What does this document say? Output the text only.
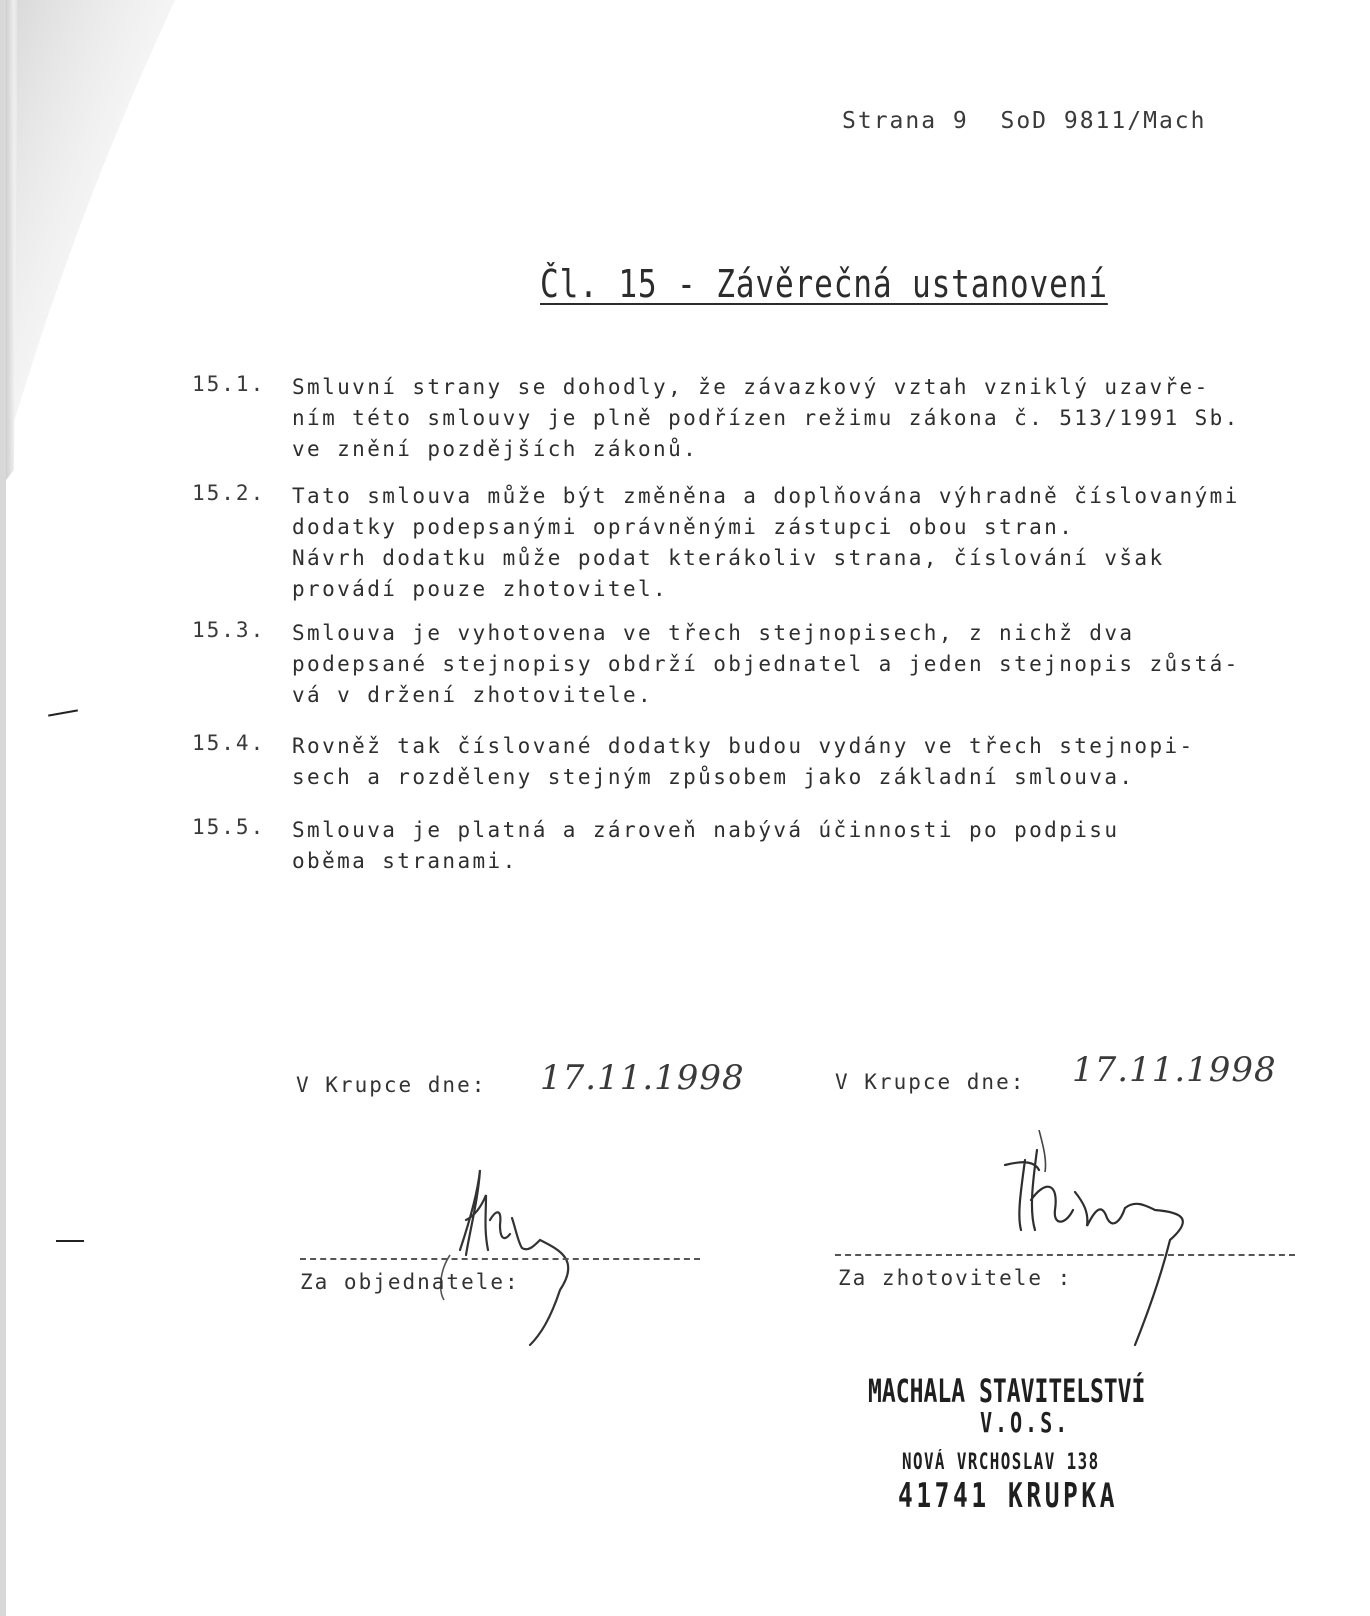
Strana 9  SoD 9811/Mach
Čl. 15 - Závěrečná ustanovení
15.1. Smluvní strany se dohodly, že závazkový vztah vzniklý uzavře-
ním této smlouvy je plně podřízen režimu zákona č. 513/1991 Sb.
ve znění pozdějších zákonů.
15.2. Tato smlouva může být změněna a doplňována výhradně číslovanými
dodatky podepsanými oprávněnými zástupci obou stran.
Návrh dodatku může podat kterákoliv strana, číslování však
provádí pouze zhotovitel.
15.3. Smlouva je vyhotovena ve třech stejnopisech, z nichž dva
podepsané stejnopisy obdrží objednatel a jeden stejnopis zůstá-
vá v držení zhotovitele.
15.4. Rovněž tak číslované dodatky budou vydány ve třech stejnopi-
sech a rozděleny stejným způsobem jako základní smlouva.
15.5. Smlouva je platná a zároveň nabývá účinnosti po podpisu
oběma stranami.
V Krupce dne: 17.11.1998
Za objednatele:
V Krupce dne: 17.11.1998
Za zhotovitele :
MACHALA STAVITELSTVÍ
V.O.S.
NOVÁ VRCHOSLAV 138
41741 KRUPKA
